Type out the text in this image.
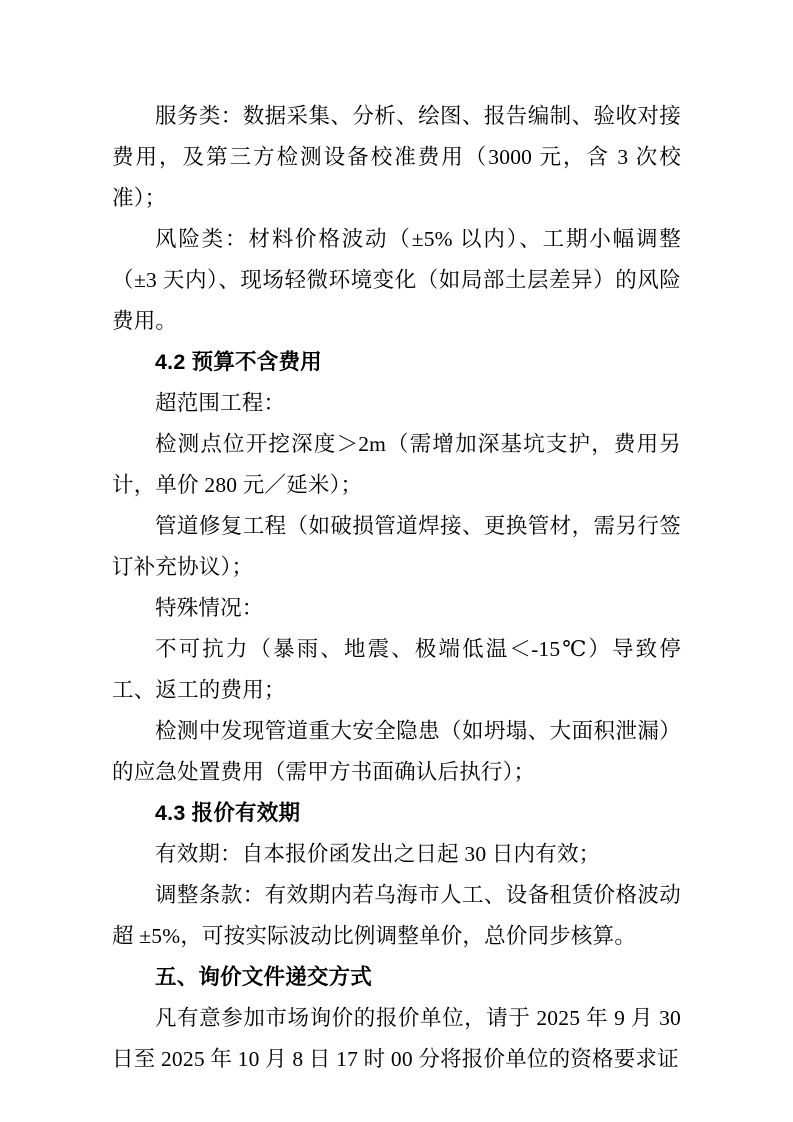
服务类：数据采集、分析、绘图、报告编制、验收对接费用，及第三方检测设备校准费用（3000 元，含 3 次校准）；

风险类：材料价格波动（±5% 以内）、工期小幅调整（±3 天内）、现场轻微环境变化（如局部土层差异）的风险费用。

4.2 预算不含费用

超范围工程：

检测点位开挖深度＞2m（需增加深基坑支护，费用另计，单价 280 元／延米）；

管道修复工程（如破损管道焊接、更换管材，需另行签订补充协议）；

特殊情况：

不可抗力（暴雨、地震、极端低温＜-15℃）导致停工、返工的费用；

检测中发现管道重大安全隐患（如坍塌、大面积泄漏）的应急处置费用（需甲方书面确认后执行）；

4.3 报价有效期

有效期：自本报价函发出之日起 30 日内有效；

调整条款：有效期内若乌海市人工、设备租赁价格波动超 ±5%，可按实际波动比例调整单价，总价同步核算。

五、询价文件递交方式

凡有意参加市场询价的报价单位，请于 2025 年 9 月 30 日至 2025 年 10 月 8 日 17 时 00 分将报价单位的资格要求证
